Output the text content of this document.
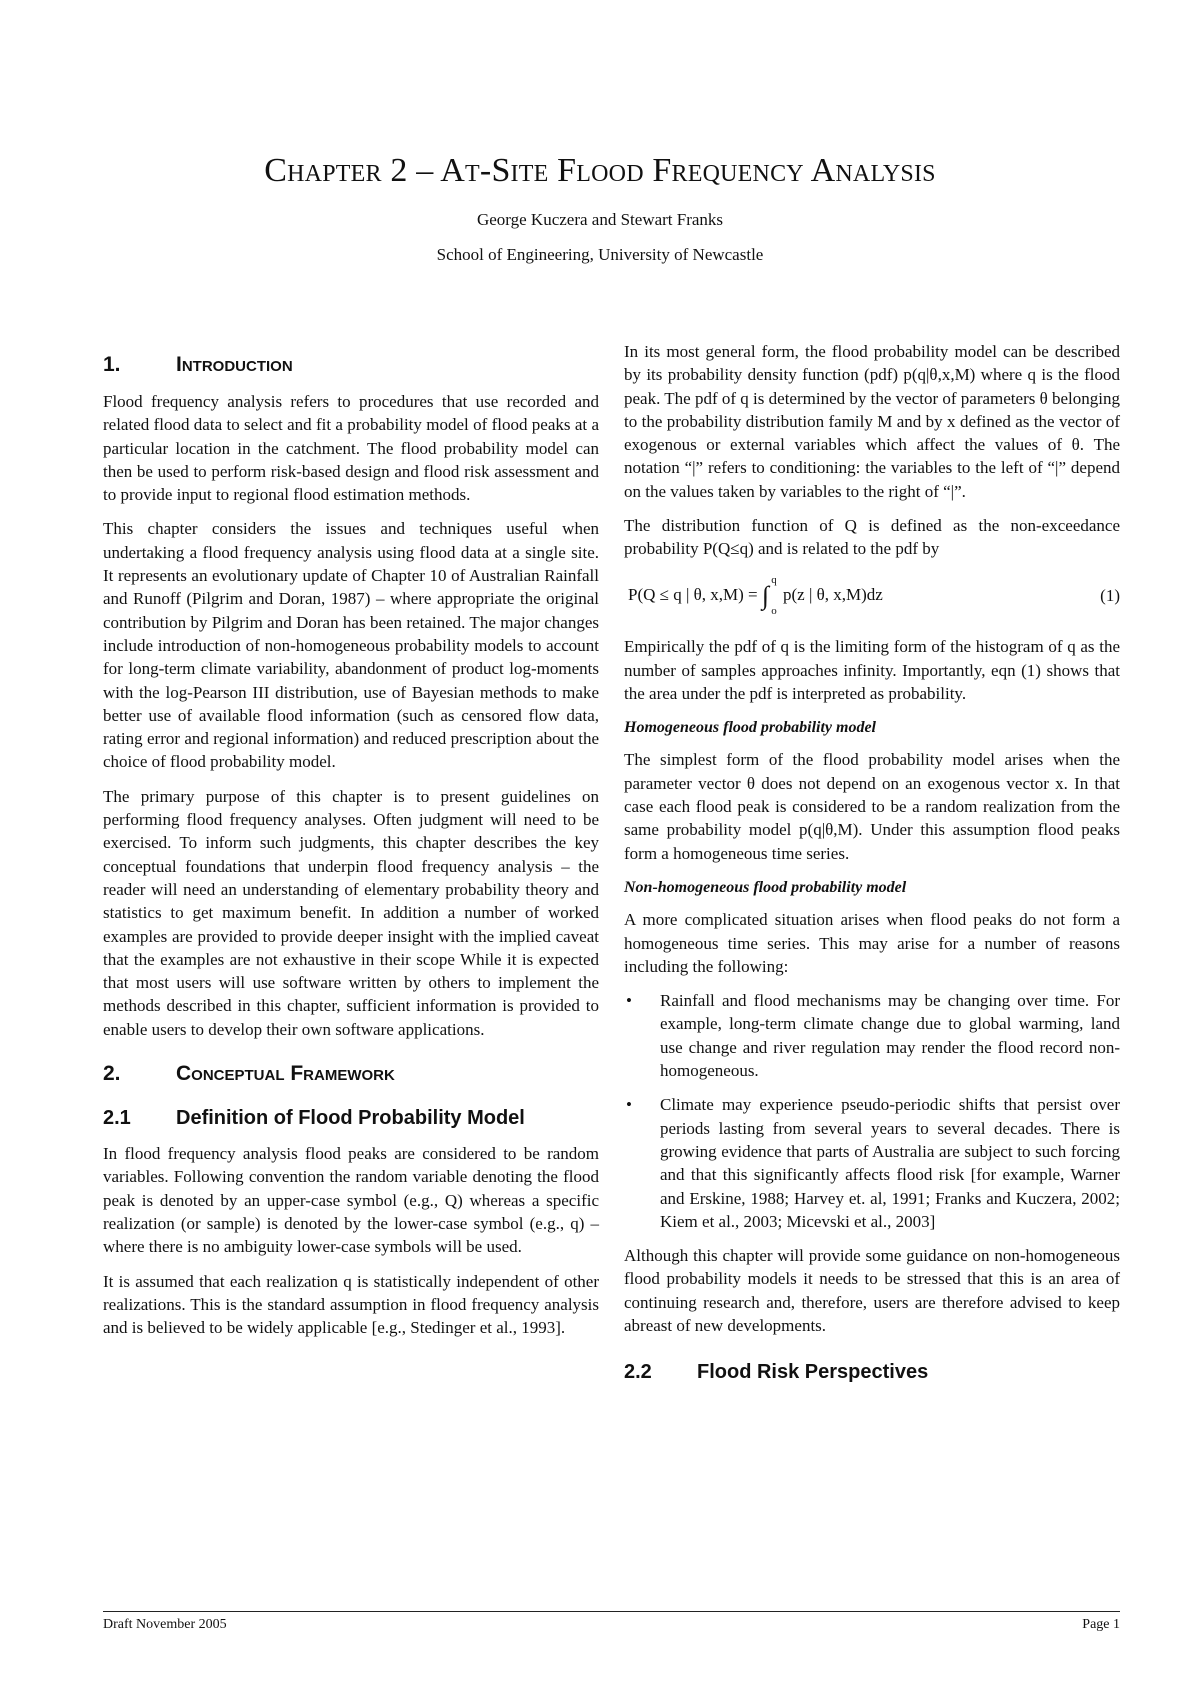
Chapter 2 – At-Site Flood Frequency Analysis
George Kuczera and Stewart Franks
School of Engineering, University of Newcastle
1.	Introduction

Flood frequency analysis refers to procedures that use recorded and related flood data to select and fit a probability model of flood peaks at a particular location in the catchment. The flood probability model can then be used to perform risk-based design and flood risk assessment and to provide input to regional flood estimation methods.

This chapter considers the issues and techniques useful when undertaking a flood frequency analysis using flood data at a single site. It represents an evolutionary update of Chapter 10 of Australian Rainfall and Runoff (Pilgrim and Doran, 1987) – where appropriate the original contribution by Pilgrim and Doran has been retained. The major changes include introduction of non-homogeneous probability models to account for long-term climate variability, abandonment of product log-moments with the log-Pearson III distribution, use of Bayesian methods to make better use of available flood information (such as censored flow data, rating error and regional information) and reduced prescription about the choice of flood probability model.

The primary purpose of this chapter is to present guidelines on performing flood frequency analyses. Often judgment will need to be exercised. To inform such judgments, this chapter describes the key conceptual foundations that underpin flood frequency analysis – the reader will need an understanding of elementary probability theory and statistics to get maximum benefit. In addition a number of worked examples are provided to provide deeper insight with the implied caveat that the examples are not exhaustive in their scope While it is expected that most users will use software written by others to implement the methods described in this chapter, sufficient information is provided to enable users to develop their own software applications.

2.	Conceptual Framework
2.1	Definition of Flood Probability Model

In flood frequency analysis flood peaks are considered to be random variables. Following convention the random variable denoting the flood peak is denoted by an upper-case symbol (e.g., Q) whereas a specific realization (or sample) is denoted by the lower-case symbol (e.g., q) – where there is no ambiguity lower-case symbols will be used.

It is assumed that each realization q is statistically independent of other realizations. This is the standard assumption in flood frequency analysis and is believed to be widely applicable [e.g., Stedinger et al., 1993].

In its most general form, the flood probability model can be described by its probability density function (pdf) p(q|θ,x,M) where q is the flood peak. The pdf of q is determined by the vector of parameters θ belonging to the probability distribution family M and by x defined as the vector of exogenous or external variables which affect the values of θ. The notation “|” refers to conditioning: the variables to the left of “|” depend on the values taken by variables to the right of “|”.

The distribution function of Q is defined as the non-exceedance probability P(Q≤q) and is related to the pdf by

P(Q ≤ q | θ, x,M) = ∫
q
o
p(z | θ, x,M)dz	(1)

Empirically the pdf of q is the limiting form of the histogram of q as the number of samples approaches infinity. Importantly, eqn (1) shows that the area under the pdf is interpreted as probability.

Homogeneous flood probability model

The simplest form of the flood probability model arises when the parameter vector θ does not depend on an exogenous vector x. In that case each flood peak is considered to be a random realization from the same probability model p(q|θ,M). Under this assumption flood peaks form a homogeneous time series.

Non-homogeneous flood probability model

A more complicated situation arises when flood peaks do not form a homogeneous time series. This may arise for a number of reasons including the following:

• Rainfall and flood mechanisms may be changing over time. For example, long-term climate change due to global warming, land use change and river regulation may render the flood record non-homogeneous.
• Climate may experience pseudo-periodic shifts that persist over periods lasting from several years to several decades. There is growing evidence that parts of Australia are subject to such forcing and that this significantly affects flood risk [for example, Warner and Erskine, 1988; Harvey et. al, 1991; Franks and Kuczera, 2002; Kiem et al., 2003; Micevski et al., 2003]

Although this chapter will provide some guidance on non-homogeneous flood probability models it needs to be stressed that this is an area of continuing research and, therefore, users are therefore advised to keep abreast of new developments.

2.2	Flood Risk Perspectives
Draft November 2005	Page 1
